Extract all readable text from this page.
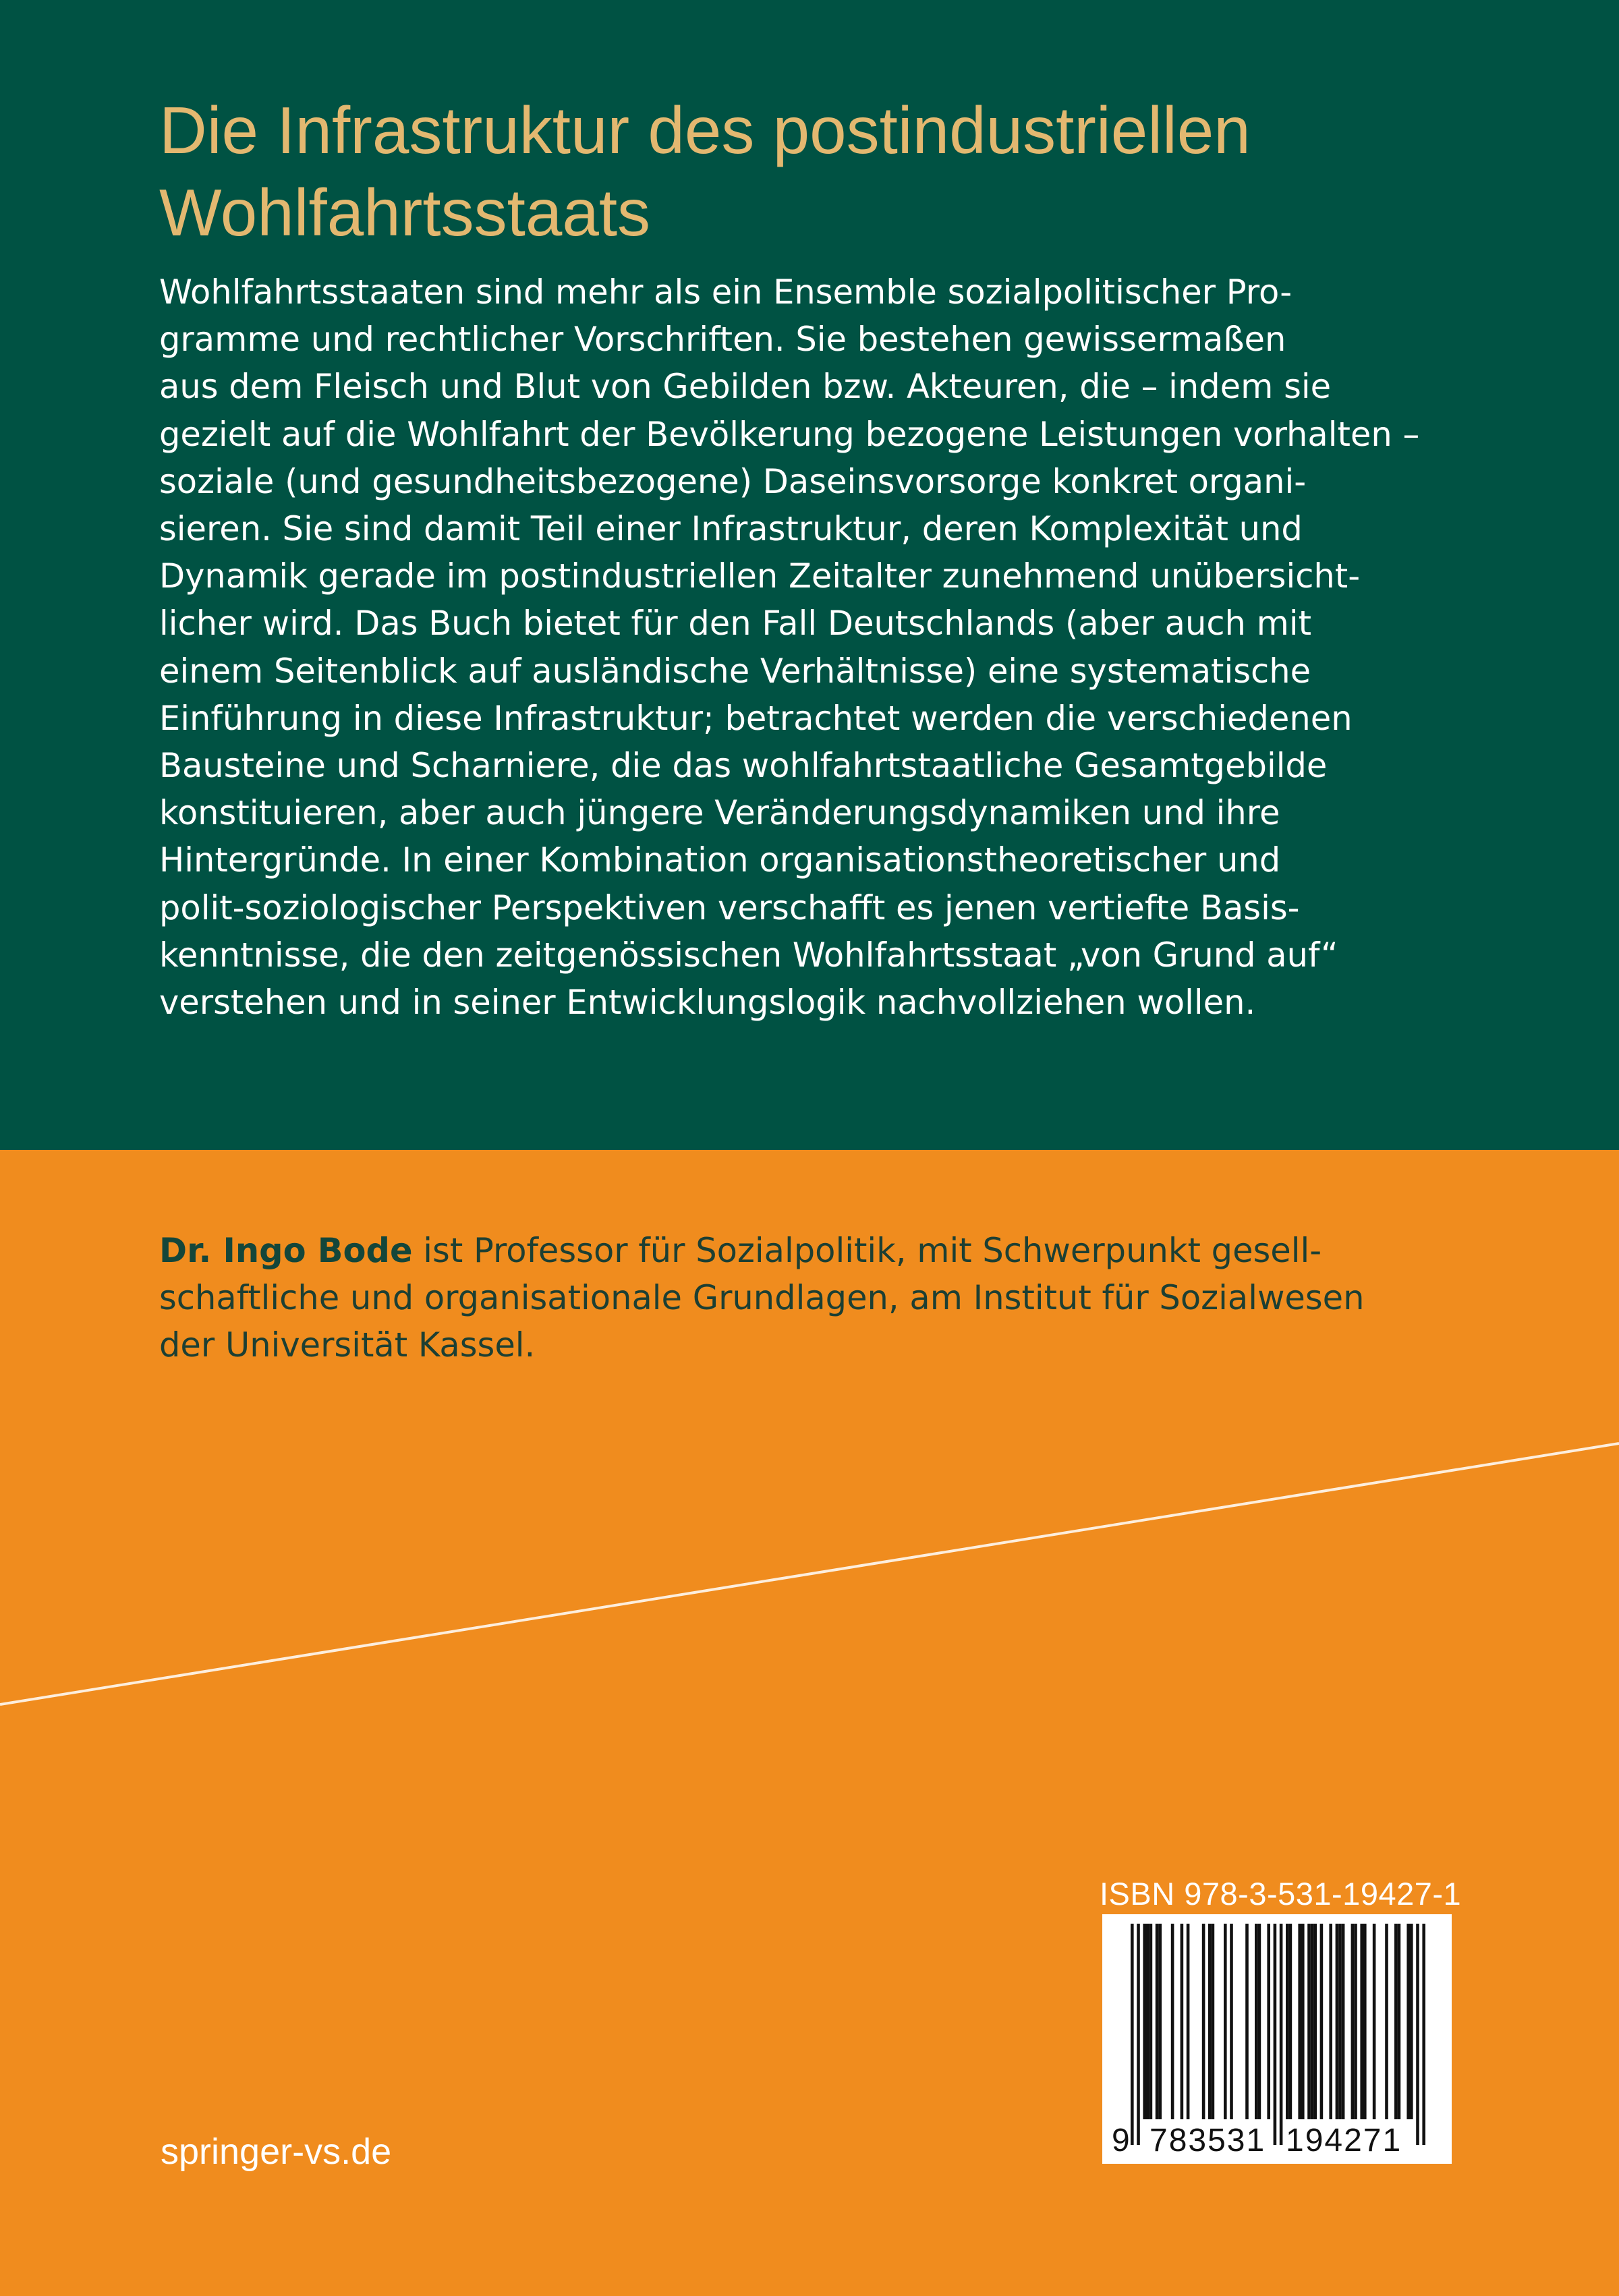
Die Infrastruktur des postindustriellen
Wohlfahrtsstaats
Wohlfahrtsstaaten sind mehr als ein Ensemble sozialpolitischer Pro-
gramme und rechtlicher Vorschriften. Sie bestehen gewissermaßen
aus dem Fleisch und Blut von Gebilden bzw. Akteuren, die – indem sie
gezielt auf die Wohlfahrt der Bevölkerung bezogene Leistungen vorhalten –
soziale (und gesundheitsbezogene) Daseinsvorsorge konkret organi-
sieren. Sie sind damit Teil einer Infrastruktur, deren Komplexität und
Dynamik gerade im postindustriellen Zeitalter zunehmend unübersicht-
licher wird. Das Buch bietet für den Fall Deutschlands (aber auch mit
einem Seitenblick auf ausländische Verhältnisse) eine systematische
Einführung in diese Infrastruktur; betrachtet werden die verschiedenen
Bausteine und Scharniere, die das wohlfahrtstaatliche Gesamtgebilde
konstituieren, aber auch jüngere Veränderungsdynamiken und ihre
Hintergründe. In einer Kombination organisationstheoretischer und
polit-soziologischer Perspektiven verschafft es jenen vertiefte Basis-
kenntnisse, die den zeitgenössischen Wohlfahrtsstaat „von Grund auf“
verstehen und in seiner Entwicklungslogik nachvollziehen wollen.
Dr. Ingo Bode ist Professor für Sozialpolitik, mit Schwerpunkt gesell-
schaftliche und organisationale Grundlagen, am Institut für Sozialwesen
der Universität Kassel.
ISBN 978-3-531-19427-1
9 783531 194271
springer-vs.de
